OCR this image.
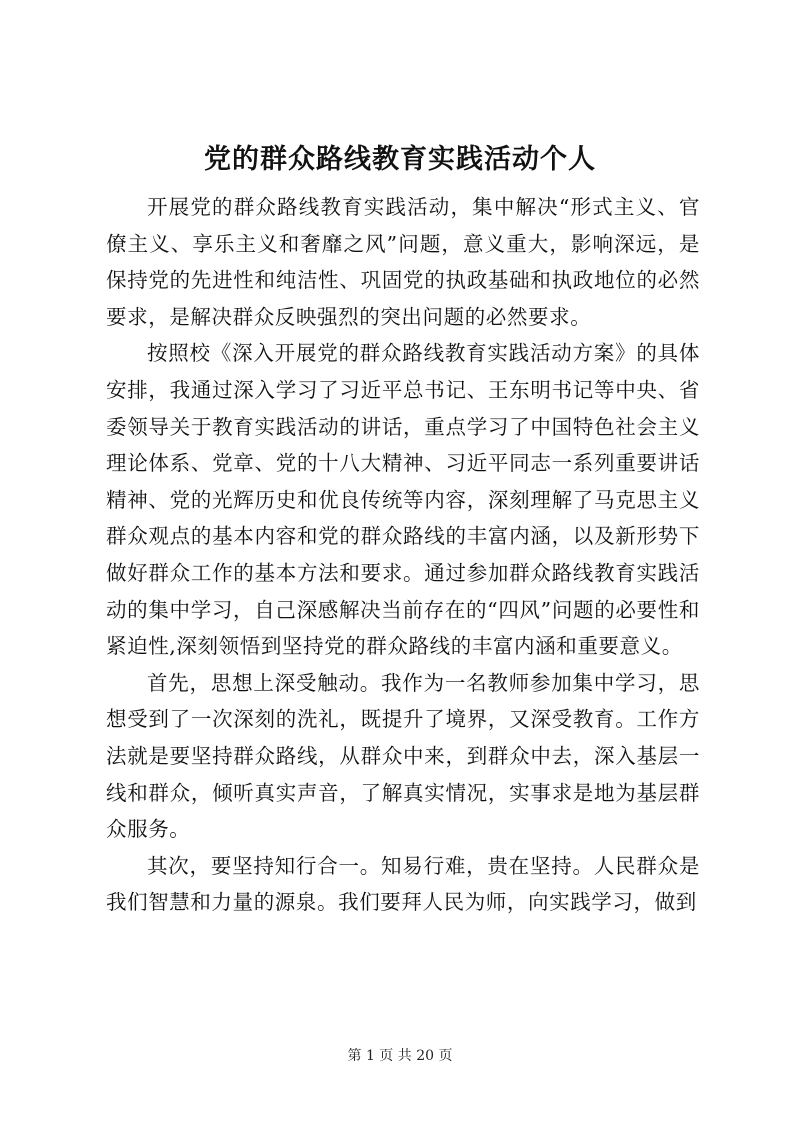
党的群众路线教育实践活动个人

开展党的群众路线教育实践活动，集中解决“形式主义、官僚主义、享乐主义和奢靡之风”问题，意义重大，影响深远，是保持党的先进性和纯洁性、巩固党的执政基础和执政地位的必然要求，是解决群众反映强烈的突出问题的必然要求。

按照校《深入开展党的群众路线教育实践活动方案》的具体安排，我通过深入学习了习近平总书记、王东明书记等中央、省委领导关于教育实践活动的讲话，重点学习了中国特色社会主义理论体系、党章、党的十八大精神、习近平同志一系列重要讲话精神、党的光辉历史和优良传统等内容，深刻理解了马克思主义群众观点的基本内容和党的群众路线的丰富内涵，以及新形势下做好群众工作的基本方法和要求。通过参加群众路线教育实践活动的集中学习，自己深感解决当前存在的“四风”问题的必要性和紧迫性,深刻领悟到坚持党的群众路线的丰富内涵和重要意义。

首先，思想上深受触动。我作为一名教师参加集中学习，思想受到了一次深刻的洗礼，既提升了境界，又深受教育。工作方法就是要坚持群众路线，从群众中来，到群众中去，深入基层一线和群众，倾听真实声音，了解真实情况，实事求是地为基层群众服务。

其次，要坚持知行合一。知易行难，贵在坚持。人民群众是我们智慧和力量的源泉。我们要拜人民为师，向实践学习，做到

第 1 页 共 20 页
